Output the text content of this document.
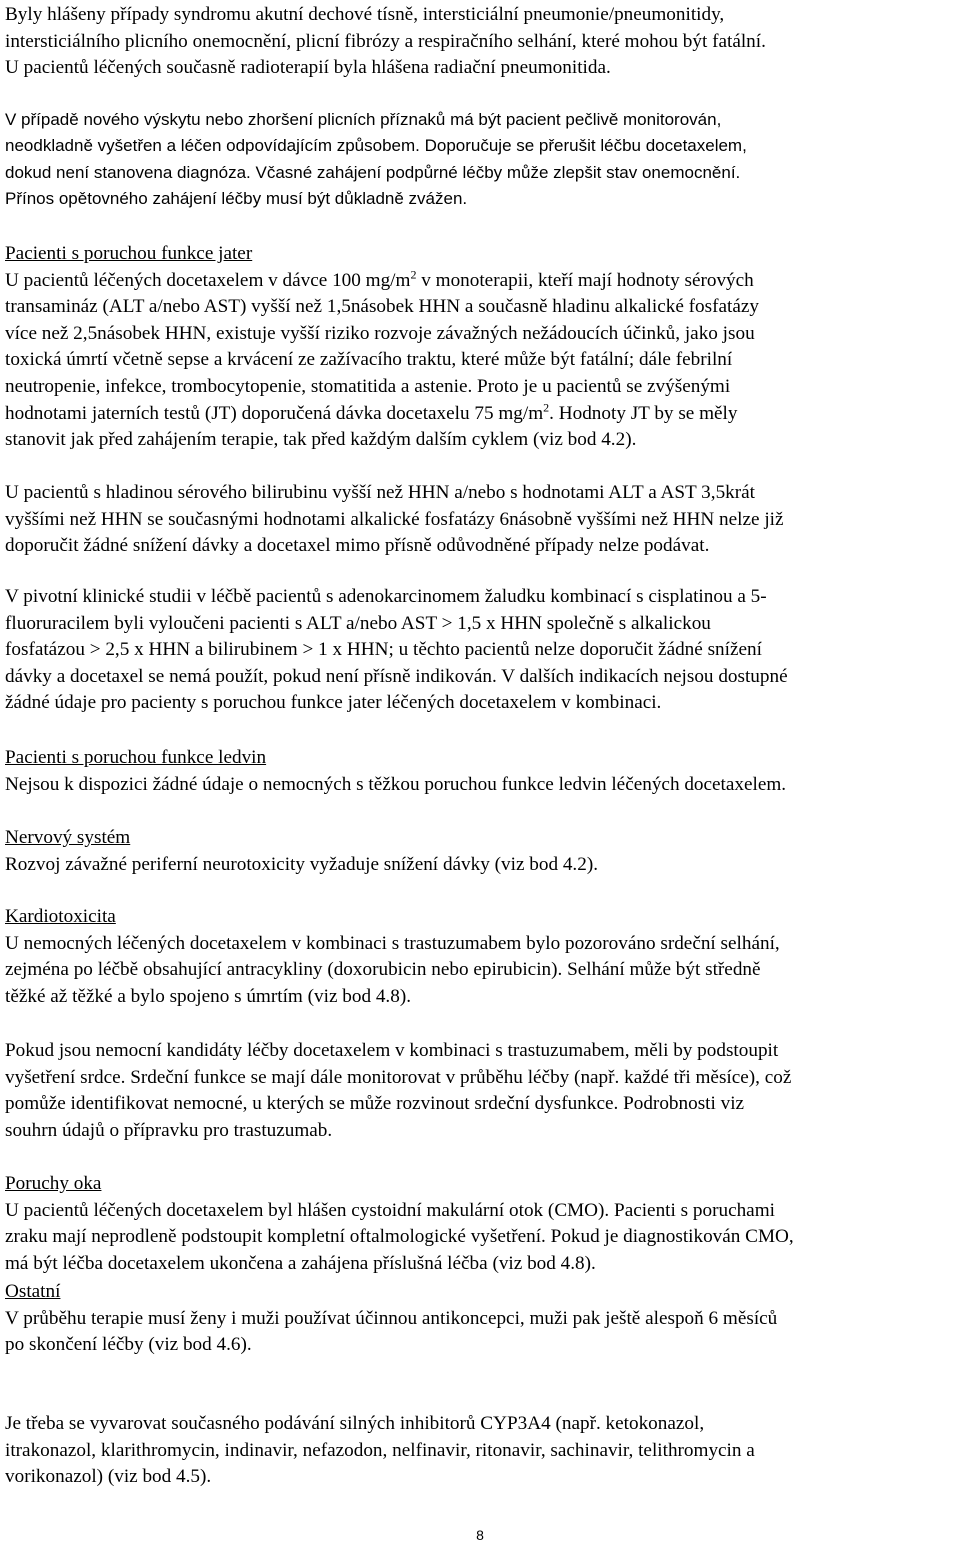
Byly hlášeny případy syndromu akutní dechové tísně, intersticiální pneumonie/pneumonitidy,
intersticiálního plicního onemocnění, plicní fibrózy a respiračního selhání, které mohou být fatální.
U pacientů léčených současně radioterapií byla hlášena radiační pneumonitida.
V případě nového výskytu nebo zhoršení plicních příznaků má být pacient pečlivě monitorován,
neodkladně vyšetřen a léčen odpovídajícím způsobem. Doporučuje se přerušit léčbu docetaxelem,
dokud není stanovena diagnóza. Včasné zahájení podpůrné léčby může zlepšit stav onemocnění.
Přínos opětovného zahájení léčby musí být důkladně zvážen.
Pacienti s poruchou funkce jater
U pacientů léčených docetaxelem v dávce 100 $mg/m^2$ v monoterapii, kteří mají hodnoty sérových
transamináz (ALT a/nebo AST) vyšší než 1,5násobek HHN a současně hladinu alkalické fosfatázy
více než 2,5násobek HHN, existuje vyšší riziko rozvoje závažných nežádoucích účinků, jako jsou
toxická úmrtí včetně sepse a krvácení ze zažívacího traktu, které může být fatální; dále febrilní
neutropenie, infekce, trombocytopenie, stomatitida a astenie. Proto je u pacientů se zvýšenými
hodnotami jaterních testů (JT) doporučená dávka docetaxelu 75 $mg/m^2$. Hodnoty JT by se měly
stanovit jak před zahájením terapie, tak před každým dalším cyklem (viz bod 4.2).
U pacientů s hladinou sérového bilirubinu vyšší než HHN a/nebo s hodnotami ALT a AST 3,5krát
vyššími než HHN se současnými hodnotami alkalické fosfatázy 6násobně vyššími než HHN nelze již
doporučit žádné snížení dávky a docetaxel mimo přísně odůvodněné případy nelze podávat.
V pivotní klinické studii v léčbě pacientů s adenokarcinomem žaludku kombinací s cisplatinou a 5-
fluoruracilem byli vyloučeni pacienti s ALT a/nebo AST > 1,5 x HHN společně s alkalickou
fosfatázou > 2,5 x HHN a bilirubinem > 1 x HHN; u těchto pacientů nelze doporučit žádné snížení
dávky a docetaxel se nemá použít, pokud není přísně indikován. V dalších indikacích nejsou dostupné
žádné údaje pro pacienty s poruchou funkce jater léčených docetaxelem v kombinaci.
Pacienti s poruchou funkce ledvin
Nejsou k dispozici žádné údaje o nemocných s těžkou poruchou funkce ledvin léčených docetaxelem.
Nervový systém
Rozvoj závažné periferní neurotoxicity vyžaduje snížení dávky (viz bod 4.2).
Kardiotoxicita
U nemocných léčených docetaxelem v kombinaci s trastuzumabem bylo pozorováno srdeční selhání,
zejména po léčbě obsahující antracykliny (doxorubicin nebo epirubicin). Selhání může být středně
těžké až těžké a bylo spojeno s úmrtím (viz bod 4.8).
Pokud jsou nemocní kandidáty léčby docetaxelem v kombinaci s trastuzumabem, měli by podstoupit
vyšetření srdce. Srdeční funkce se mají dále monitorovat v průběhu léčby (např. každé tři měsíce), což
pomůže identifikovat nemocné, u kterých se může rozvinout srdeční dysfunkce. Podrobnosti viz
souhrn údajů o přípravku pro trastuzumab.
Poruchy oka
U pacientů léčených docetaxelem byl hlášen cystoidní makulární otok (CMO). Pacienti s poruchami
zraku mají neprodleně podstoupit kompletní oftalmologické vyšetření. Pokud je diagnostikován CMO,
má být léčba docetaxelem ukončena a zahájena příslušná léčba (viz bod 4.8).
Ostatní
V průběhu terapie musí ženy i muži používat účinnou antikoncepci, muži pak ještě alespoň 6 měsíců
po skončení léčby (viz bod 4.6).
Je třeba se vyvarovat současného podávání silných inhibitorů CYP3A4 (např. ketokonazol,
itrakonazol, klarithromycin, indinavir, nefazodon, nelfinavir, ritonavir, sachinavir, telithromycin a
vorikonazol) (viz bod 4.5).
8
